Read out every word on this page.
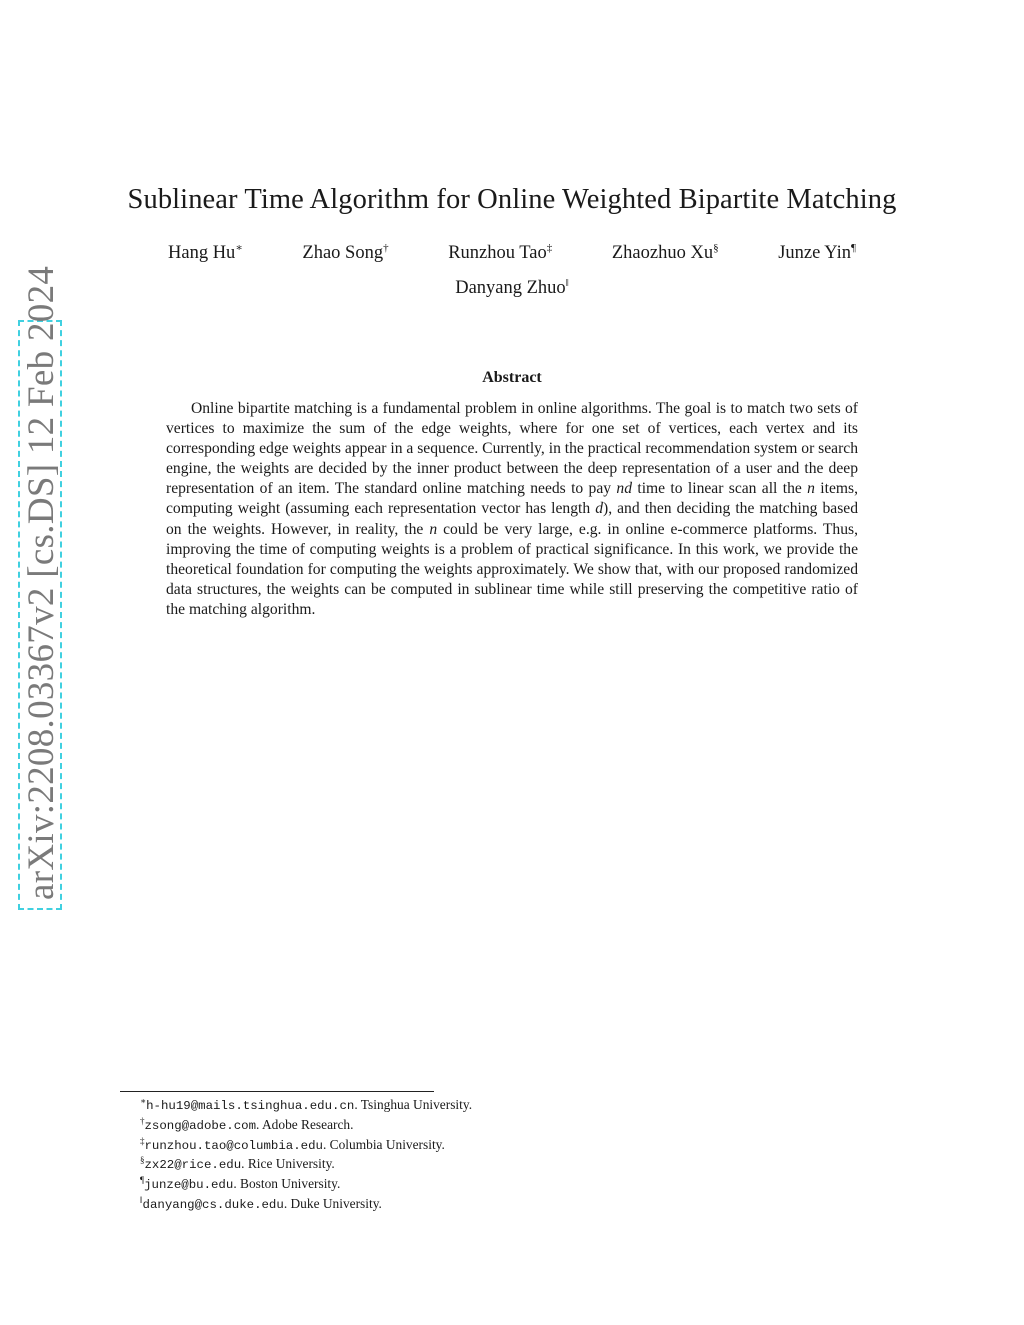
arXiv:2208.03367v2 [cs.DS] 12 Feb 2024
Sublinear Time Algorithm for Online Weighted Bipartite Matching
Hang Hu∗	Zhao Song†	Runzhou Tao‡	Zhaozhuo Xu§	Junze Yin¶
Danyang Zhuo‖
Abstract
Online bipartite matching is a fundamental problem in online algorithms. The goal is to match two sets of vertices to maximize the sum of the edge weights, where for one set of vertices, each vertex and its corresponding edge weights appear in a sequence. Currently, in the practical recommendation system or search engine, the weights are decided by the inner product between the deep representation of a user and the deep representation of an item. The standard online matching needs to pay nd time to linear scan all the n items, computing weight (assuming each representation vector has length d), and then deciding the matching based on the weights. However, in reality, the n could be very large, e.g. in online e-commerce platforms. Thus, improving the time of computing weights is a problem of practical significance. In this work, we provide the theoretical foundation for computing the weights approximately. We show that, with our proposed randomized data structures, the weights can be computed in sublinear time while still preserving the competitive ratio of the matching algorithm.
∗h-hu19@mails.tsinghua.edu.cn. Tsinghua University.
†zsong@adobe.com. Adobe Research.
‡runzhou.tao@columbia.edu. Columbia University.
§zx22@rice.edu. Rice University.
¶junze@bu.edu. Boston University.
‖danyang@cs.duke.edu. Duke University.
